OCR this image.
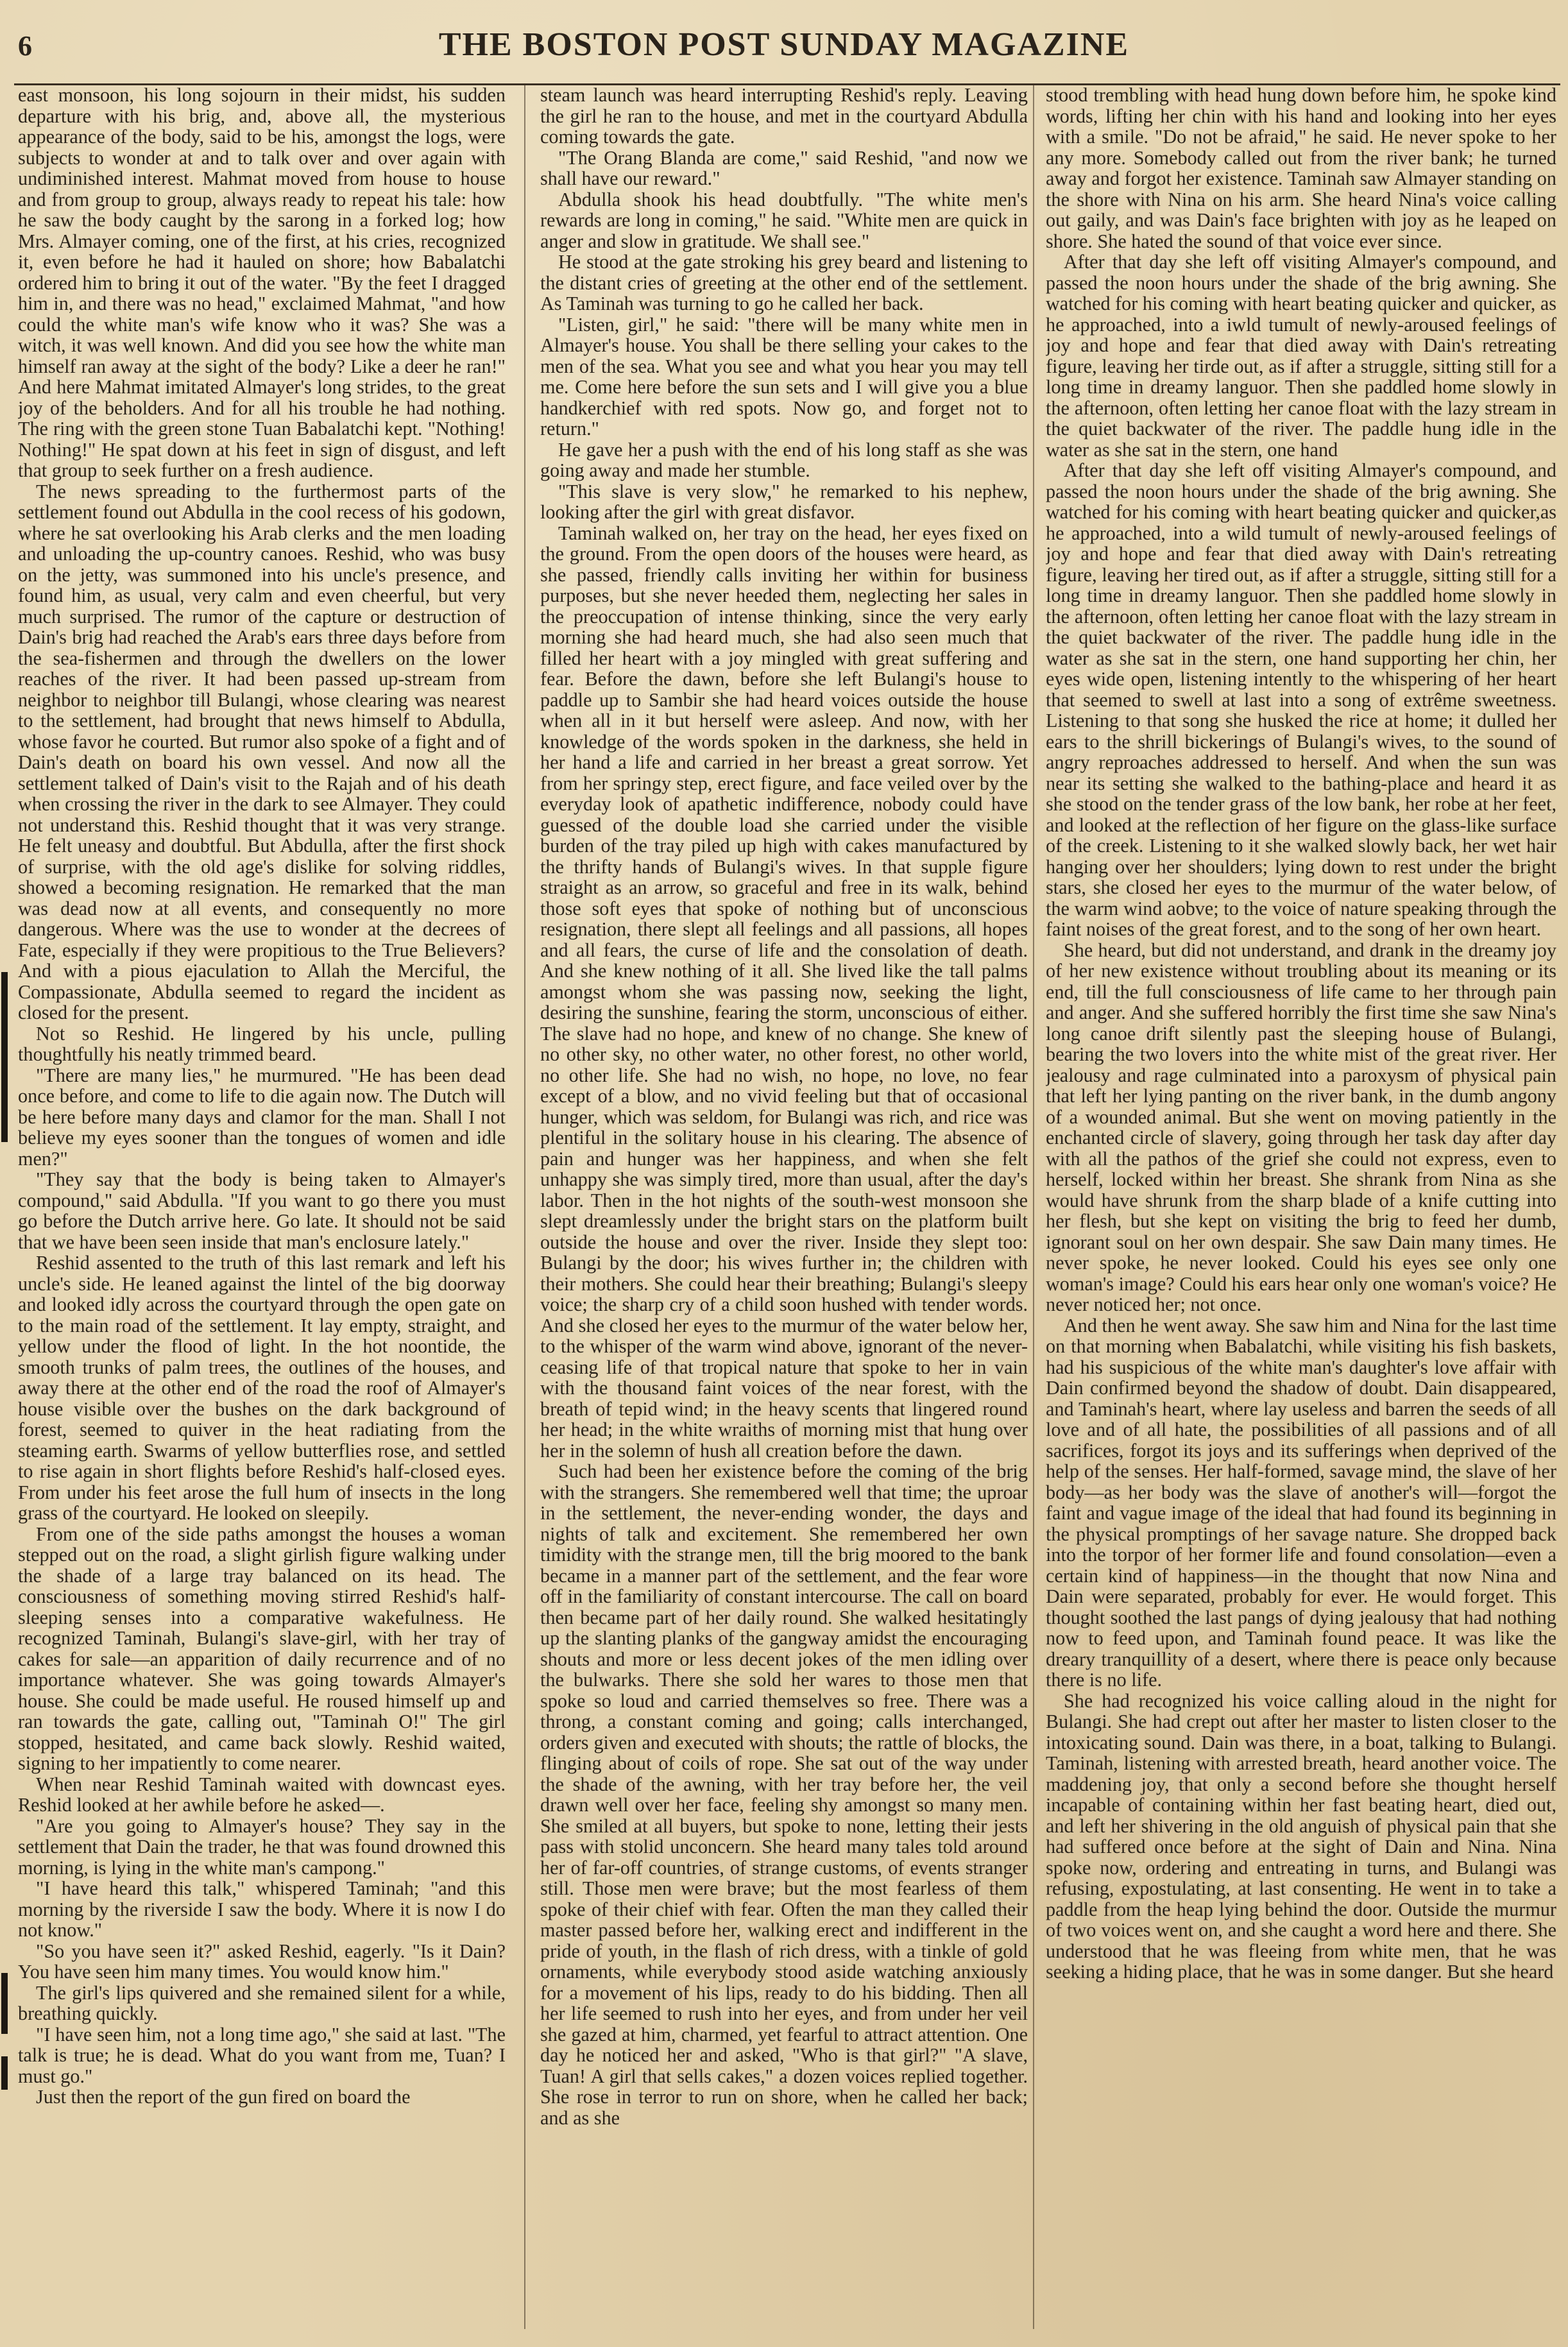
6	THE BOSTON POST SUNDAY MAGAZINE

east monsoon, his long sojourn in their midst, his sudden departure with his brig, and, above all, the mysterious appearance of the body, said to be his, amongst the logs, were subjects to wonder at and to talk over and over again with undiminished interest. Mahmat moved from house to house and from group to group, always ready to repeat his tale: how he saw the body caught by the sarong in a forked log; how Mrs. Almayer coming, one of the first, at his cries, recognized it, even before he had it hauled on shore; how Babalatchi ordered him to bring it out of the water. "By the feet I dragged him in, and there was no head," exclaimed Mahmat, "and how could the white man's wife know who it was? She was a witch, it was well known. And did you see how the white man himself ran away at the sight of the body? Like a deer he ran!" And here Mahmat imitated Almayer's long strides, to the great joy of the beholders. And for all his trouble he had nothing. The ring with the green stone Tuan Babalatchi kept. "Nothing! Nothing!" He spat down at his feet in sign of disgust, and left that group to seek further on a fresh audience.

The news spreading to the furthermost parts of the settlement found out Abdulla in the cool recess of his godown, where he sat overlooking his Arab clerks and the men loading and unloading the up-country canoes. Reshid, who was busy on the jetty, was summoned into his uncle's presence, and found him, as usual, very calm and even cheerful, but very much surprised. The rumor of the capture or destruction of Dain's brig had reached the Arab's ears three days before from the sea-fishermen and through the dwellers on the lower reaches of the river. It had been passed up-stream from neighbor to neighbor till Bulangi, whose clearing was nearest to the settlement, had brought that news himself to Abdulla, whose favor he courted. But rumor also spoke of a fight and of Dain's death on board his own vessel. And now all the settlement talked of Dain's visit to the Rajah and of his death when crossing the river in the dark to see Almayer. They could not understand this. Reshid thought that it was very strange. He felt uneasy and doubtful. But Abdulla, after the first shock of surprise, with the old age's dislike for solving riddles, showed a becoming resignation. He remarked that the man was dead now at all events, and consequently no more dangerous. Where was the use to wonder at the decrees of Fate, especially if they were propitious to the True Believers? And with a pious ejaculation to Allah the Merciful, the Compassionate, Abdulla seemed to regard the incident as closed for the present.

Not so Reshid. He lingered by his uncle, pulling thoughtfully his neatly trimmed beard.

"There are many lies," he murmured. "He has been dead once before, and come to life to die again now. The Dutch will be here before many days and clamor for the man. Shall I not believe my eyes sooner than the tongues of women and idle men?"

"They say that the body is being taken to Almayer's compound," said Abdulla. "If you want to go there you must go before the Dutch arrive here. Go late. It should not be said that we have been seen inside that man's enclosure lately."

Reshid assented to the truth of this last remark and left his uncle's side. He leaned against the lintel of the big doorway and looked idly across the courtyard through the open gate on to the main road of the settlement. It lay empty, straight, and yellow under the flood of light. In the hot noontide, the smooth trunks of palm trees, the outlines of the houses, and away there at the other end of the road the roof of Almayer's house visible over the bushes on the dark background of forest, seemed to quiver in the heat radiating from the steaming earth. Swarms of yellow butterflies rose, and settled to rise again in short flights before Reshid's half-closed eyes. From under his feet arose the full hum of insects in the long grass of the courtyard. He looked on sleepily.

From one of the side paths amongst the houses a woman stepped out on the road, a slight girlish figure walking under the shade of a large tray balanced on its head. The consciousness of something moving stirred Reshid's half-sleeping senses into a comparative wakefulness. He recognized Taminah, Bulangi's slave-girl, with her tray of cakes for sale—an apparition of daily recurrence and of no importance whatever. She was going towards Almayer's house. She could be made useful. He roused himself up and ran towards the gate, calling out, "Taminah O!" The girl stopped, hesitated, and came back slowly. Reshid waited, signing to her impatiently to come nearer.

When near Reshid Taminah waited with downcast eyes. Reshid looked at her awhile before he asked—.

"Are you going to Almayer's house? They say in the settlement that Dain the trader, he that was found drowned this morning, is lying in the white man's campong."

"I have heard this talk," whispered Taminah; "and this morning by the riverside I saw the body. Where it is now I do not know."

"So you have seen it?" asked Reshid, eagerly. "Is it Dain? You have seen him many times. You would know him."

The girl's lips quivered and she remained silent for a while, breathing quickly.

"I have seen him, not a long time ago," she said at last. "The talk is true; he is dead. What do you want from me, Tuan? I must go."

Just then the report of the gun fired on board the

steam launch was heard interrupting Reshid's reply. Leaving the girl he ran to the house, and met in the courtyard Abdulla coming towards the gate.

"The Orang Blanda are come," said Reshid, "and now we shall have our reward."

Abdulla shook his head doubtfully. "The white men's rewards are long in coming," he said. "White men are quick in anger and slow in gratitude. We shall see."

He stood at the gate stroking his grey beard and listening to the distant cries of greeting at the other end of the settlement. As Taminah was turning to go he called her back.

"Listen, girl," he said: "there will be many white men in Almayer's house. You shall be there selling your cakes to the men of the sea. What you see and what you hear you may tell me. Come here before the sun sets and I will give you a blue handkerchief with red spots. Now go, and forget not to return."

He gave her a push with the end of his long staff as she was going away and made her stumble.

"This slave is very slow," he remarked to his nephew, looking after the girl with great disfavor.

Taminah walked on, her tray on the head, her eyes fixed on the ground. From the open doors of the houses were heard, as she passed, friendly calls inviting her within for business purposes, but she never heeded them, neglecting her sales in the preoccupation of intense thinking, since the very early morning she had heard much, she had also seen much that filled her heart with a joy mingled with great suffering and fear. Before the dawn, before she left Bulangi's house to paddle up to Sambir she had heard voices outside the house when all in it but herself were asleep. And now, with her knowledge of the words spoken in the darkness, she held in her hand a life and carried in her breast a great sorrow. Yet from her springy step, erect figure, and face veiled over by the everyday look of apathetic indifference, nobody could have guessed of the double load she carried under the visible burden of the tray piled up high with cakes manufactured by the thrifty hands of Bulangi's wives. In that supple figure straight as an arrow, so graceful and free in its walk, behind those soft eyes that spoke of nothing but of unconscious resignation, there slept all feelings and all passions, all hopes and all fears, the curse of life and the consolation of death. And she knew nothing of it all. She lived like the tall palms amongst whom she was passing now, seeking the light, desiring the sunshine, fearing the storm, unconscious of either. The slave had no hope, and knew of no change. She knew of no other sky, no other water, no other forest, no other world, no other life. She had no wish, no hope, no love, no fear except of a blow, and no vivid feeling but that of occasional hunger, which was seldom, for Bulangi was rich, and rice was plentiful in the solitary house in his clearing. The absence of pain and hunger was her happiness, and when she felt unhappy she was simply tired, more than usual, after the day's labor. Then in the hot nights of the south-west monsoon she slept dreamlessly under the bright stars on the platform built outside the house and over the river. Inside they slept too: Bulangi by the door; his wives further in; the children with their mothers. She could hear their breathing; Bulangi's sleepy voice; the sharp cry of a child soon hushed with tender words. And she closed her eyes to the murmur of the water below her, to the whisper of the warm wind above, ignorant of the never-ceasing life of that tropical nature that spoke to her in vain with the thousand faint voices of the near forest, with the breath of tepid wind; in the heavy scents that lingered round her head; in the white wraiths of morning mist that hung over her in the solemn of hush all creation before the dawn.

Such had been her existence before the coming of the brig with the strangers. She remembered well that time; the uproar in the settlement, the never-ending wonder, the days and nights of talk and excitement. She remembered her own timidity with the strange men, till the brig moored to the bank became in a manner part of the settlement, and the fear wore off in the familiarity of constant intercourse. The call on board then became part of her daily round. She walked hesitatingly up the slanting planks of the gangway amidst the encouraging shouts and more or less decent jokes of the men idling over the bulwarks. There she sold her wares to those men that spoke so loud and carried themselves so free. There was a throng, a constant coming and going; calls interchanged, orders given and executed with shouts; the rattle of blocks, the flinging about of coils of rope. She sat out of the way under the shade of the awning, with her tray before her, the veil drawn well over her face, feeling shy amongst so many men. She smiled at all buyers, but spoke to none, letting their jests pass with stolid unconcern. She heard many tales told around her of far-off countries, of strange customs, of events stranger still. Those men were brave; but the most fearless of them spoke of their chief with fear. Often the man they called their master passed before her, walking erect and indifferent in the pride of youth, in the flash of rich dress, with a tinkle of gold ornaments, while everybody stood aside watching anxiously for a movement of his lips, ready to do his bidding. Then all her life seemed to rush into her eyes, and from under her veil she gazed at him, charmed, yet fearful to attract attention. One day he noticed her and asked, "Who is that girl?" "A slave, Tuan! A girl that sells cakes," a dozen voices replied together. She rose in terror to run on shore, when he called her back; and as she

stood trembling with head hung down before him, he spoke kind words, lifting her chin with his hand and looking into her eyes with a smile. "Do not be afraid," he said. He never spoke to her any more. Somebody called out from the river bank; he turned away and forgot her existence. Taminah saw Almayer standing on the shore with Nina on his arm. She heard Nina's voice calling out gaily, and was Dain's face brighten with joy as he leaped on shore. She hated the sound of that voice ever since.

After that day she left off visiting Almayer's compound, and passed the noon hours under the shade of the brig awning. She watched for his coming with heart beating quicker and quicker, as he approached, into a iwld tumult of newly-aroused feelings of joy and hope and fear that died away with Dain's retreating figure, leaving her tirde out, as if after a struggle, sitting still for a long time in dreamy languor. Then she paddled home slowly in the afternoon, often letting her canoe float with the lazy stream in the quiet backwater of the river. The paddle hung idle in the water as she sat in the stern, one hand

After that day she left off visiting Almayer's compound, and passed the noon hours under the shade of the brig awning. She watched for his coming with heart beating quicker and quicker,as he approached, into a wild tumult of newly-aroused feelings of joy and hope and fear that died away with Dain's retreating figure, leaving her tired out, as if after a struggle, sitting still for a long time in dreamy languor. Then she paddled home slowly in the afternoon, often letting her canoe float with the lazy stream in the quiet backwater of the river. The paddle hung idle in the water as she sat in the stern, one hand supporting her chin, her eyes wide open, listening intently to the whispering of her heart that seemed to swell at last into a song of extrême sweetness. Listening to that song she husked the rice at home; it dulled her ears to the shrill bickerings of Bulangi's wives, to the sound of angry reproaches addressed to herself. And when the sun was near its setting she walked to the bathing-place and heard it as she stood on the tender grass of the low bank, her robe at her feet, and looked at the reflection of her figure on the glass-like surface of the creek. Listening to it she walked slowly back, her wet hair hanging over her shoulders; lying down to rest under the bright stars, she closed her eyes to the murmur of the water below, of the warm wind aobve; to the voice of nature speaking through the faint noises of the great forest, and to the song of her own heart.

She heard, but did not understand, and drank in the dreamy joy of her new existence without troubling about its meaning or its end, till the full consciousness of life came to her through pain and anger. And she suffered horribly the first time she saw Nina's long canoe drift silently past the sleeping house of Bulangi, bearing the two lovers into the white mist of the great river. Her jealousy and rage culminated into a paroxysm of physical pain that left her lying panting on the river bank, in the dumb angony of a wounded animal. But she went on moving patiently in the enchanted circle of slavery, going through her task day after day with all the pathos of the grief she could not express, even to herself, locked within her breast. She shrank from Nina as she would have shrunk from the sharp blade of a knife cutting into her flesh, but she kept on visiting the brig to feed her dumb, ignorant soul on her own despair. She saw Dain many times. He never spoke, he never looked. Could his eyes see only one woman's image? Could his ears hear only one woman's voice? He never noticed her; not once.

And then he went away. She saw him and Nina for the last time on that morning when Babalatchi, while visiting his fish baskets, had his suspicious of the white man's daughter's love affair with Dain confirmed beyond the shadow of doubt. Dain disappeared, and Taminah's heart, where lay useless and barren the seeds of all love and of all hate, the possibilities of all passions and of all sacrifices, forgot its joys and its sufferings when deprived of the help of the senses. Her half-formed, savage mind, the slave of her body—as her body was the slave of another's will—forgot the faint and vague image of the ideal that had found its beginning in the physical promptings of her savage nature. She dropped back into the torpor of her former life and found consolation—even a certain kind of happiness—in the thought that now Nina and Dain were separated, probably for ever. He would forget. This thought soothed the last pangs of dying jealousy that had nothing now to feed upon, and Taminah found peace. It was like the dreary tranquillity of a desert, where there is peace only because there is no life.

She had recognized his voice calling aloud in the night for Bulangi. She had crept out after her master to listen closer to the intoxicating sound. Dain was there, in a boat, talking to Bulangi. Taminah, listening with arrested breath, heard another voice. The maddening joy, that only a second before she thought herself incapable of containing within her fast beating heart, died out, and left her shivering in the old anguish of physical pain that she had suffered once before at the sight of Dain and Nina. Nina spoke now, ordering and entreating in turns, and Bulangi was refusing, expostulating, at last consenting. He went in to take a paddle from the heap lying behind the door. Outside the murmur of two voices went on, and she caught a word here and there. She understood that he was fleeing from white men, that he was seeking a hiding place, that he was in some danger. But she heard
